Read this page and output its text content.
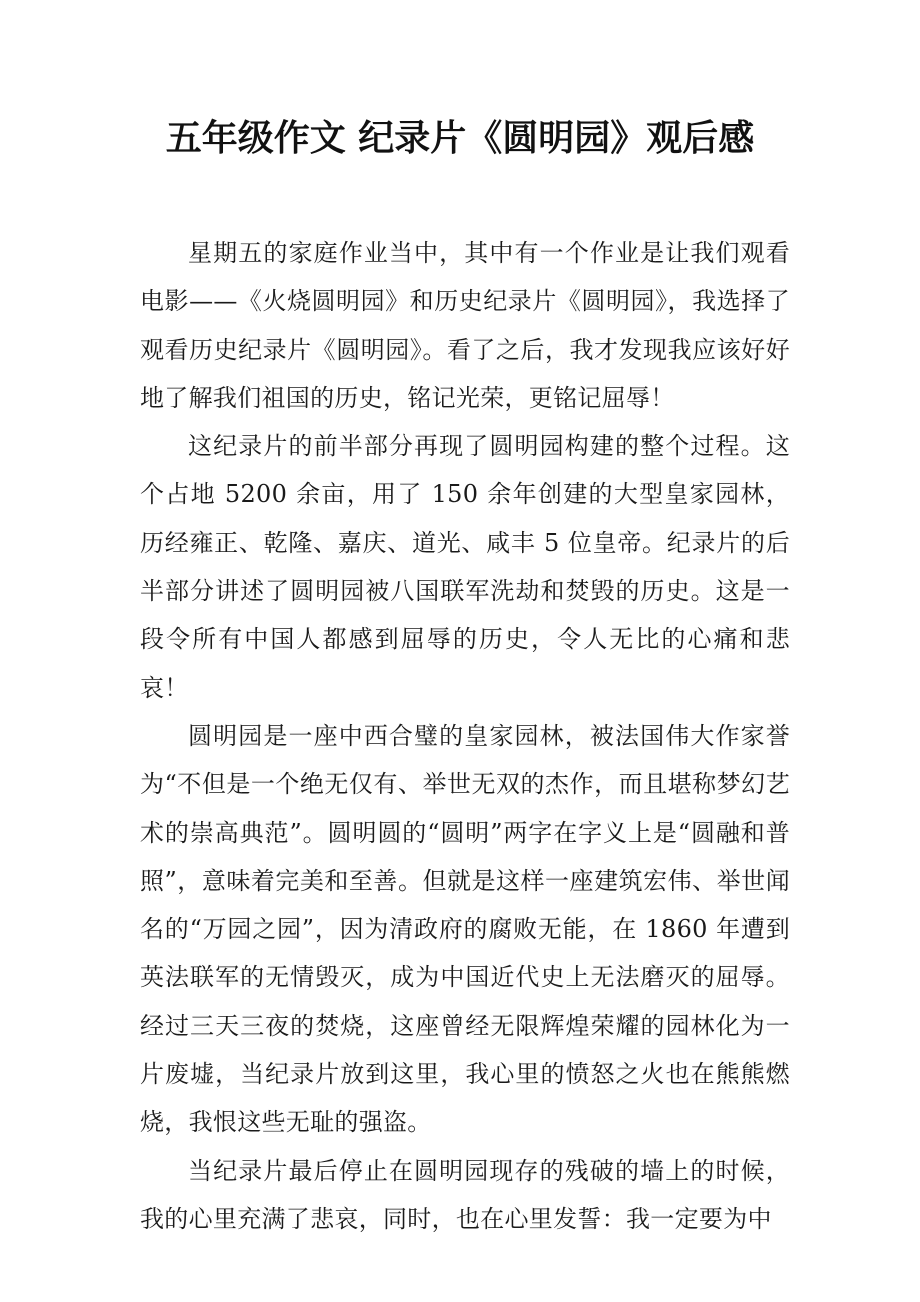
五年级作文 纪录片《圆明园》观后感

星期五的家庭作业当中，其中有一个作业是让我们观看电影——《火烧圆明园》和历史纪录片《圆明园》，我选择了观看历史纪录片《圆明园》。看了之后，我才发现我应该好好地了解我们祖国的历史，铭记光荣，更铭记屈辱！

这纪录片的前半部分再现了圆明园构建的整个过程。这个占地 5200 余亩，用了 150 余年创建的大型皇家园林，历经雍正、乾隆、嘉庆、道光、咸丰 5 位皇帝。纪录片的后半部分讲述了圆明园被八国联军洗劫和焚毁的历史。这是一段令所有中国人都感到屈辱的历史，令人无比的心痛和悲哀！

圆明园是一座中西合璧的皇家园林，被法国伟大作家誉为“不但是一个绝无仅有、举世无双的杰作，而且堪称梦幻艺术的崇高典范”。圆明圆的“圆明”两字在字义上是“圆融和普照”，意味着完美和至善。但就是这样一座建筑宏伟、举世闻名的“万园之园”，因为清政府的腐败无能，在 1860 年遭到英法联军的无情毁灭，成为中国近代史上无法磨灭的屈辱。经过三天三夜的焚烧，这座曾经无限辉煌荣耀的园林化为一片废墟，当纪录片放到这里，我心里的愤怒之火也在熊熊燃烧，我恨这些无耻的强盗。

当纪录片最后停止在圆明园现存的残破的墙上的时候，我的心里充满了悲哀，同时，也在心里发誓：我一定要为中
